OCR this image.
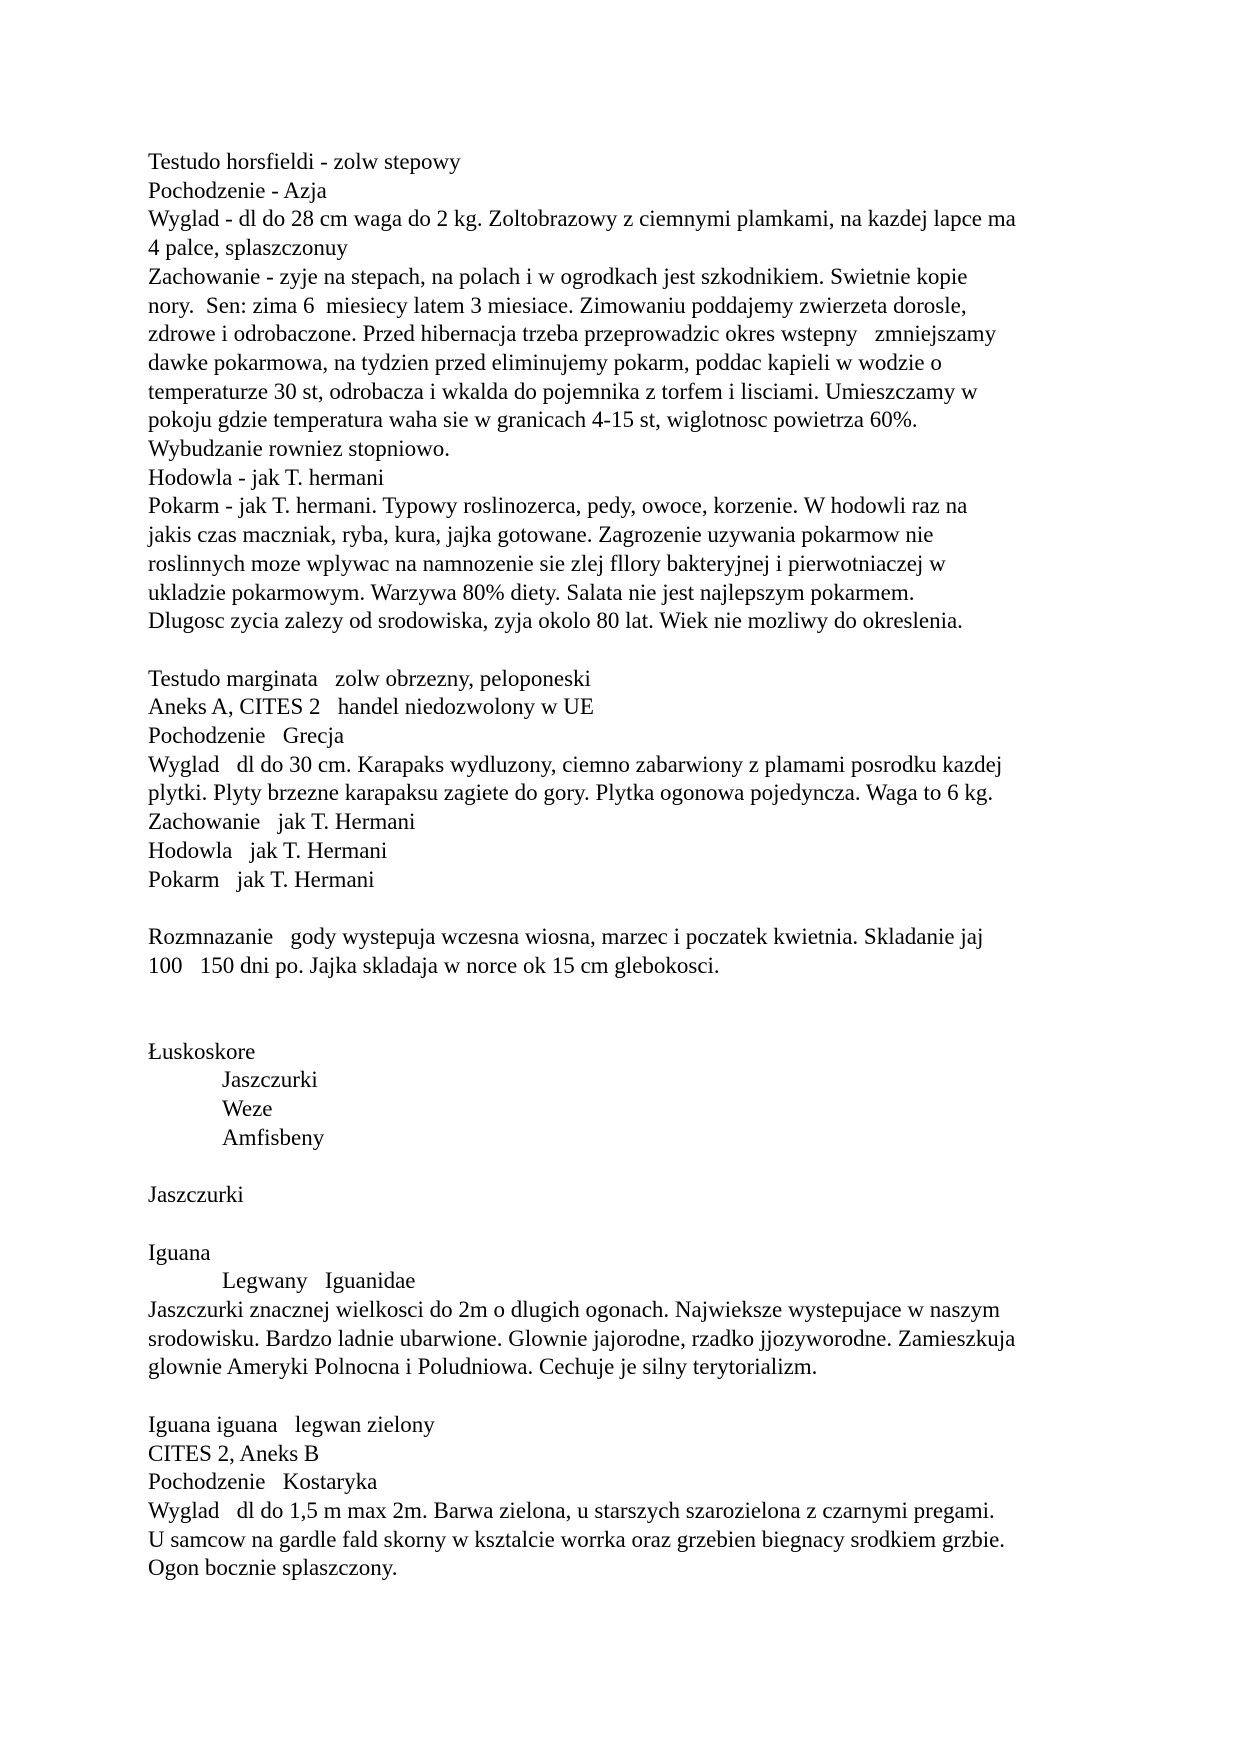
Testudo horsfieldi - zolw stepowy

Pochodzenie - Azja

Wyglad - dl do 28 cm waga do 2 kg. Zoltobrazowy z ciemnymi plamkami, na kazdej lapce ma

4 palce, splaszczonuy

Zachowanie - zyje na stepach, na polach i w ogrodkach jest szkodnikiem. Swietnie kopie

nory.  Sen: zima 6  miesiecy latem 3 miesiace. Zimowaniu poddajemy zwierzeta dorosle,

zdrowe i odrobaczone. Przed hibernacja trzeba przeprowadzic okres wstepny   zmniejszamy

dawke pokarmowa, na tydzien przed eliminujemy pokarm, poddac kapieli w wodzie o

temperaturze 30 st, odrobacza i wkalda do pojemnika z torfem i lisciami. Umieszczamy w

pokoju gdzie temperatura waha sie w granicach 4-15 st, wiglotnosc powietrza 60%.

Wybudzanie rowniez stopniowo.

Hodowla - jak T. hermani

Pokarm - jak T. hermani. Typowy roslinozerca, pedy, owoce, korzenie. W hodowli raz na

jakis czas maczniak, ryba, kura, jajka gotowane. Zagrozenie uzywania pokarmow nie

roslinnych moze wplywac na namnozenie sie zlej fllory bakteryjnej i pierwotniaczej w

ukladzie pokarmowym. Warzywa 80% diety. Salata nie jest najlepszym pokarmem.

Dlugosc zycia zalezy od srodowiska, zyja okolo 80 lat. Wiek nie mozliwy do okreslenia.

Testudo marginata   zolw obrzezny, peloponeski

Aneks A, CITES 2   handel niedozwolony w UE

Pochodzenie   Grecja

Wyglad   dl do 30 cm. Karapaks wydluzony, ciemno zabarwiony z plamami posrodku kazdej

plytki. Plyty brzezne karapaksu zagiete do gory. Plytka ogonowa pojedyncza. Waga to 6 kg.

Zachowanie   jak T. Hermani

Hodowla   jak T. Hermani

Pokarm   jak T. Hermani

Rozmnazanie   gody wystepuja wczesna wiosna, marzec i poczatek kwietnia. Skladanie jaj

100   150 dni po. Jajka skladaja w norce ok 15 cm glebokosci.

Łuskoskore

Jaszczurki

Weze

Amfisbeny

Jaszczurki

Iguana

Legwany   Iguanidae

Jaszczurki znacznej wielkosci do 2m o dlugich ogonach. Najwieksze wystepujace w naszym

srodowisku. Bardzo ladnie ubarwione. Glownie jajorodne, rzadko jjozyworodne. Zamieszkuja

glownie Ameryki Polnocna i Poludniowa. Cechuje je silny terytorializm.

Iguana iguana   legwan zielony

CITES 2, Aneks B

Pochodzenie   Kostaryka

Wyglad   dl do 1,5 m max 2m. Barwa zielona, u starszych szarozielona z czarnymi pregami.

U samcow na gardle fald skorny w ksztalcie worrka oraz grzebien biegnacy srodkiem grzbie.

Ogon bocznie splaszczony.
